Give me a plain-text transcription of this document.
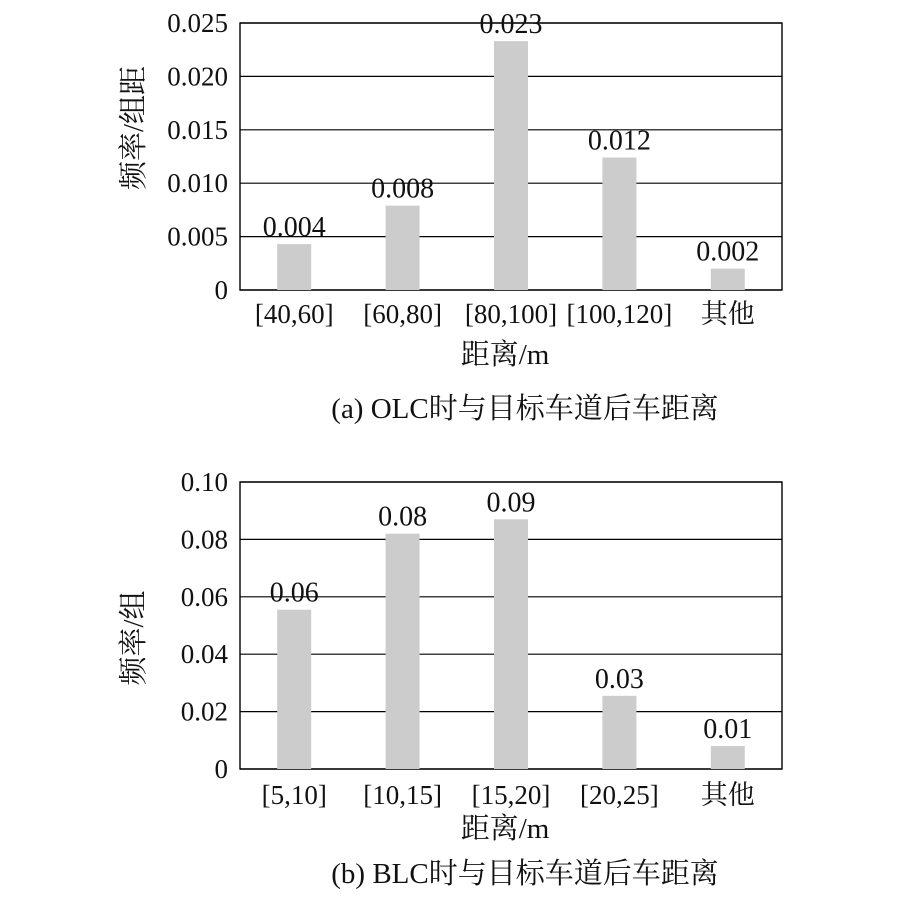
频率/组距
距离/m
(a) OLC时与目标车道后车距离
0
0.005
0.010
0.015
0.020
0.025
0.004
[40,60]
0.008
[60,80]
0.023
[80,100]
0.012
[100,120]
0.002
其他
频率/组
距离/m
(b) BLC时与目标车道后车距离
0
0.02
0.04
0.06
0.08
0.10
0.06
[5,10]
0.08
[10,15]
0.09
[15,20]
0.03
[20,25]
0.01
其他
